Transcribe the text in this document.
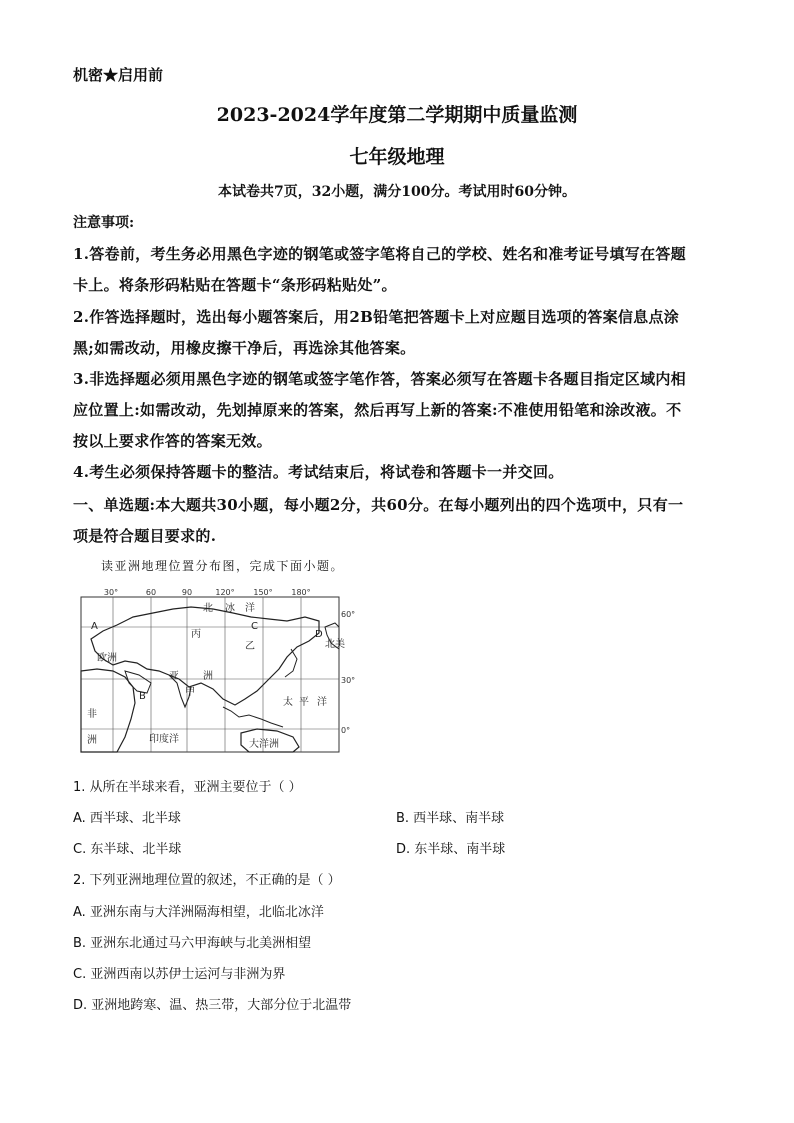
机密★启用前
2023-2024学年度第二学期期中质量监测
七年级地理
本试卷共7页，32小题，满分100分。考试用时60分钟。
注意事项:
1.答卷前，考生务必用黑色字迹的钢笔或签字笔将自己的学校、姓名和准考证号填写在答题
卡上。将条形码粘贴在答题卡“条形码粘贴处”。
2.作答选择题时，选出每小题答案后，用2B铅笔把答题卡上对应题目选项的答案信息点涂
黑;如需改动，用橡皮擦干净后，再选涂其他答案。
3.非选择题必须用黑色字迹的钢笔或签字笔作答，答案必须写在答题卡各题目指定区域内相
应位置上:如需改动，先划掉原来的答案，然后再写上新的答案:不准使用铅笔和涂改液。不
按以上要求作答的答案无效。
4.考生必须保持答题卡的整洁。考试结束后，将试卷和答题卡一并交回。
一、单选题:本大题共30小题，每小题2分，共60分。在每小题列出的四个选项中，只有一
项是符合题目要求的.
读亚洲地理位置分布图，完成下面小题。
30°	60	90	120° 150° 180°
60°
30°
0°
北 冰 洋
欧洲
亚 洲
非
洲	印度洋
太 平 洋
大洋洲
A
B
C
D
甲
丙
乙	北美
1. 从所在半球来看，亚洲主要位于（ ）
A. 西半球、北半球	B. 西半球、南半球
C. 东半球、北半球	D. 东半球、南半球
2. 下列亚洲地理位置的叙述，不正确的是（ ）
A. 亚洲东南与大洋洲隔海相望，北临北冰洋
B. 亚洲东北通过马六甲海峡与北美洲相望
C. 亚洲西南以苏伊士运河与非洲为界
D. 亚洲地跨寒、温、热三带，大部分位于北温带
